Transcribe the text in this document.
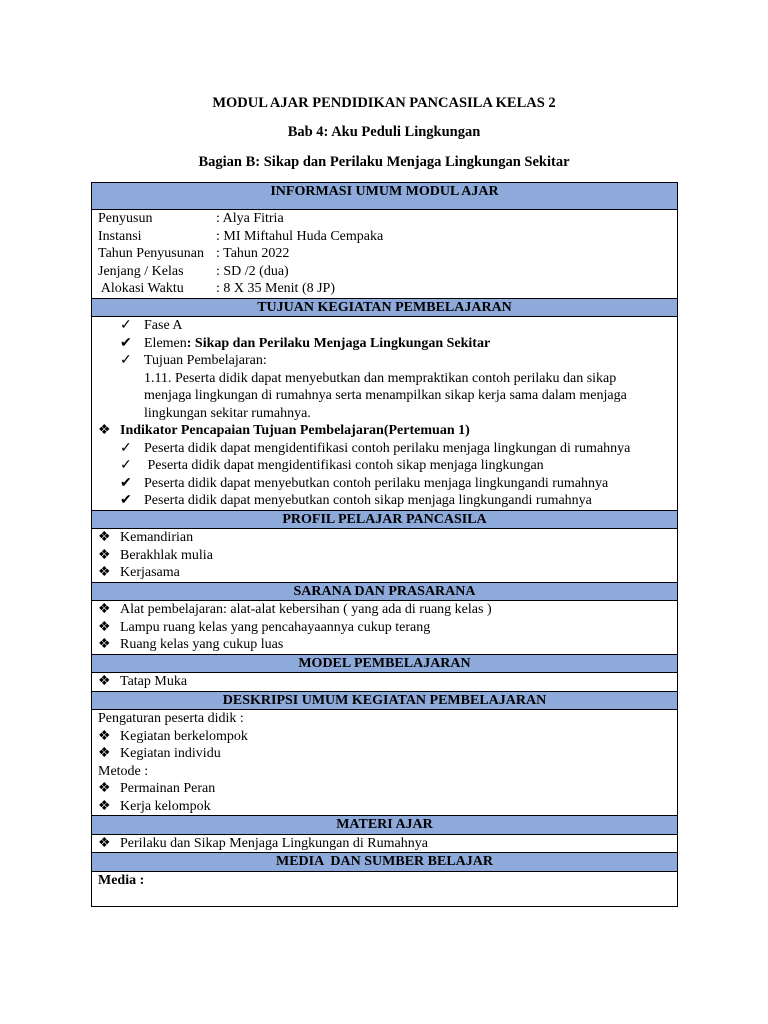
MODUL AJAR PENDIDIKAN PANCASILA KELAS 2
Bab 4: Aku Peduli Lingkungan
Bagian B: Sikap dan Perilaku Menjaga Lingkungan Sekitar
INFORMASI UMUM MODUL AJAR

Penyusun	: Alya Fitria
Instansi	: MI Miftahul Huda Cempaka
Tahun Penyusunan : Tahun 2022
Jenjang / Kelas	: SD /2 (dua)
Alokasi Waktu	: 8 X 35 Menit (8 JP)

TUJUAN KEGIATAN PEMBELAJARAN

✓ Fase A
✔ Elemen: Sikap dan Perilaku Menjaga Lingkungan Sekitar
✓ Tujuan Pembelajaran:
1.11. Peserta didik dapat menyebutkan dan mempraktikan contoh perilaku dan sikap
menjaga lingkungan di rumahnya serta menampilkan sikap kerja sama dalam menjaga
lingkungan sekitar rumahnya.
❖ Indikator Pencapaian Tujuan Pembelajaran(Pertemuan 1)
✓ Peserta didik dapat mengidentifikasi contoh perilaku menjaga lingkungan di rumahnya
✓ Peserta didik dapat mengidentifikasi contoh sikap menjaga lingkungan
✔ Peserta didik dapat menyebutkan contoh perilaku menjaga lingkungandi rumahnya
✔ Peserta didik dapat menyebutkan contoh sikap menjaga lingkungandi rumahnya

PROFIL PELAJAR PANCASILA

❖ Kemandirian
❖ Berakhlak mulia
❖ Kerjasama

SARANA DAN PRASARANA

❖ Alat pembelajaran: alat-alat kebersihan ( yang ada di ruang kelas )
❖ Lampu ruang kelas yang pencahayaannya cukup terang
❖ Ruang kelas yang cukup luas

MODEL PEMBELAJARAN

❖ Tatap Muka

DESKRIPSI UMUM KEGIATAN PEMBELAJARAN

Pengaturan peserta didik :
❖ Kegiatan berkelompok
❖ Kegiatan individu
Metode :
❖ Permainan Peran
❖ Kerja kelompok

MATERI AJAR

❖ Perilaku dan Sikap Menjaga Lingkungan di Rumahnya

MEDIA  DAN SUMBER BELAJAR

Media :
